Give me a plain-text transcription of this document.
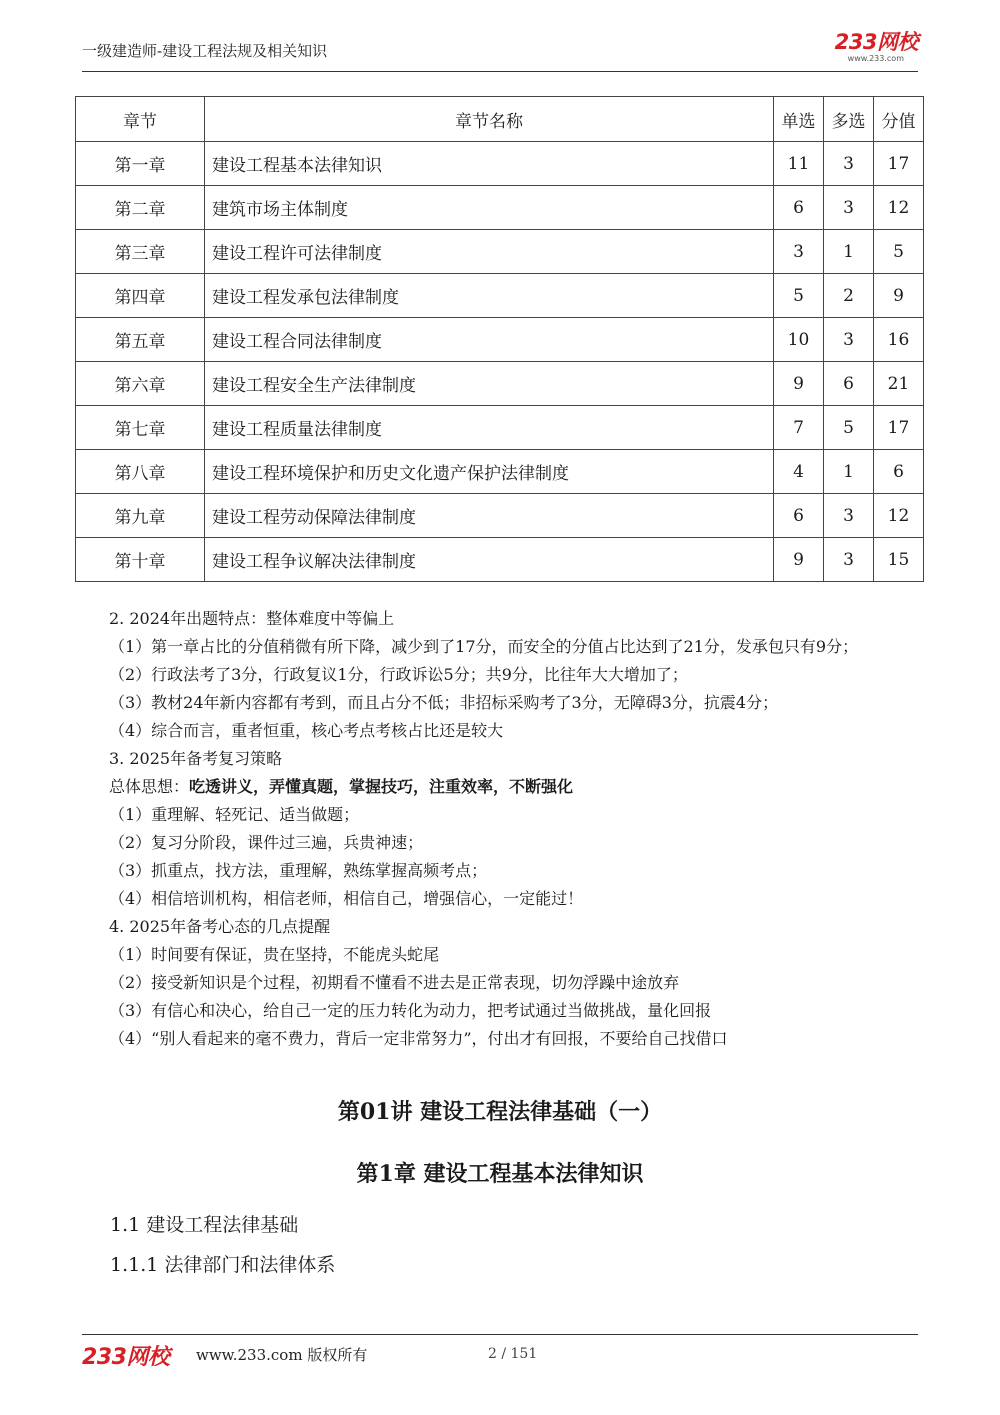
一级建造师-建设工程法规及相关知识	233网校
www.233.com
章节	章节名称	单选	多选	分值
第一章	建设工程基本法律知识	11	3	17
第二章	建筑市场主体制度	6	3	12
第三章	建设工程许可法律制度	3	1	5
第四章	建设工程发承包法律制度	5	2	9
第五章	建设工程合同法律制度	10	3	16
第六章	建设工程安全生产法律制度	9	6	21
第七章	建设工程质量法律制度	7	5	17
第八章	建设工程环境保护和历史文化遗产保护法律制度	4	1	6
第九章	建设工程劳动保障法律制度	6	3	12
第十章	建设工程争议解决法律制度	9	3	15

2. 2024年出题特点：整体难度中等偏上

（1）第一章占比的分值稍微有所下降，减少到了17分，而安全的分值占比达到了21分，发承包只有9分；

（2）行政法考了3分，行政复议1分，行政诉讼5分；共9分，比往年大大增加了；

（3）教材24年新内容都有考到，而且占分不低；非招标采购考了3分，无障碍3分，抗震4分；

（4）综合而言，重者恒重，核心考点考核占比还是较大

3. 2025年备考复习策略

总体思想：吃透讲义，弄懂真题，掌握技巧，注重效率，不断强化

（1）重理解、轻死记、适当做题；

（2）复习分阶段，课件过三遍，兵贵神速；

（3）抓重点，找方法，重理解，熟练掌握高频考点；

（4）相信培训机构，相信老师，相信自己，增强信心，一定能过！

4. 2025年备考心态的几点提醒

（1）时间要有保证，贵在坚持，不能虎头蛇尾

（2）接受新知识是个过程，初期看不懂看不进去是正常表现，切勿浮躁中途放弃

（3）有信心和决心，给自己一定的压力转化为动力，把考试通过当做挑战，量化回报

（4）“别人看起来的毫不费力，背后一定非常努力”，付出才有回报，不要给自己找借口

第01讲 建设工程法律基础（一）
第1章 建设工程基本法律知识
1.1 建设工程法律基础
1.1.1 法律部门和法律体系
233网校 www.233.com 版权所有	2 / 151
